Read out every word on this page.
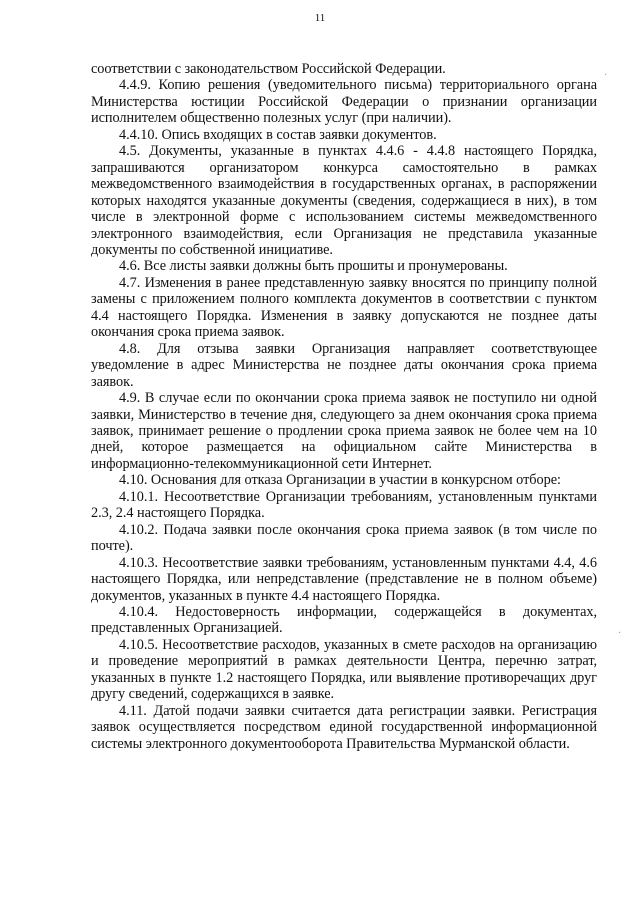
11
·
·

соответствии с законодательством Российской Федерации.

4.4.9. Копию решения (уведомительного письма) территориального органа Министерства юстиции Российской Федерации о признании организации исполнителем общественно полезных услуг (при наличии).

4.4.10. Опись входящих в состав заявки документов.

4.5. Документы, указанные в пунктах 4.4.6 - 4.4.8 настоящего Порядка, запрашиваются организатором конкурса самостоятельно в рамках межведомственного взаимодействия в государственных органах, в распоряжении которых находятся указанные документы (сведения, содержащиеся в них), в том числе в электронной форме с использованием системы межведомственного электронного взаимодействия, если Организация не представила указанные документы по собственной инициативе.

4.6. Все листы заявки должны быть прошиты и пронумерованы.

4.7. Изменения в ранее представленную заявку вносятся по принципу полной замены с приложением полного комплекта документов в соответствии с пунктом 4.4 настоящего Порядка. Изменения в заявку допускаются не позднее даты окончания срока приема заявок.

4.8. Для отзыва заявки Организация направляет соответствующее уведомление в адрес Министерства не позднее даты окончания срока приема заявок.

4.9. В случае если по окончании срока приема заявок не поступило ни одной заявки, Министерство в течение дня, следующего за днем окончания срока приема заявок, принимает решение о продлении срока приема заявок не более чем на 10 дней, которое размещается на официальном сайте Министерства в информационно-телекоммуникационной сети Интернет.

4.10. Основания для отказа Организации в участии в конкурсном отборе:

4.10.1. Несоответствие Организации требованиям, установленным пунктами 2.3, 2.4 настоящего Порядка.

4.10.2. Подача заявки после окончания срока приема заявок (в том числе по почте).

4.10.3. Несоответствие заявки требованиям, установленным пунктами 4.4, 4.6 настоящего Порядка, или непредставление (представление не в полном объеме) документов, указанных в пункте 4.4 настоящего Порядка.

4.10.4. Недостоверность информации, содержащейся в документах, представленных Организацией.

4.10.5. Несоответствие расходов, указанных в смете расходов на организацию и проведение мероприятий в рамках деятельности Центра, перечню затрат, указанных в пункте 1.2 настоящего Порядка, или выявление противоречащих друг другу сведений, содержащихся в заявке.

4.11. Датой подачи заявки считается дата регистрации заявки. Регистрация заявок осуществляется посредством единой государственной информационной системы электронного документооборота Правительства Мурманской области.
